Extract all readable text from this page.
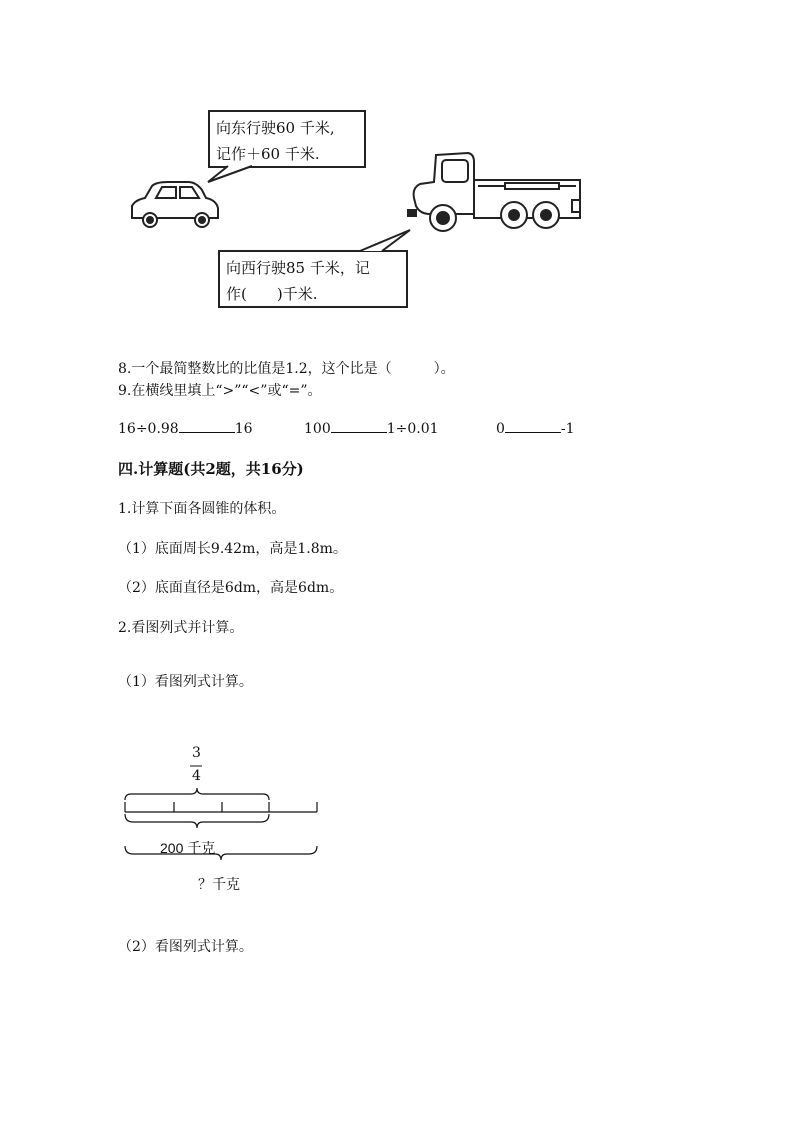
向东行驶60 千米,
记作＋60 千米.
向西行驶85 千米，记
作(　　)千米.
8.一个最简整数比的比值是1.2，这个比是（　　　）。
9.在横线里填上“>”“<”或“=”。
16÷0.98	16	100	1÷0.01	0	-1
四.计算题(共2题，共16分)
1.计算下面各圆锥的体积。
（1）底面周长9.42m，高是1.8m。
（2）底面直径是6dm，高是6dm。
2.看图列式并计算。
（1）看图列式计算。
3
4
200 千克
？千克
（2）看图列式计算。
